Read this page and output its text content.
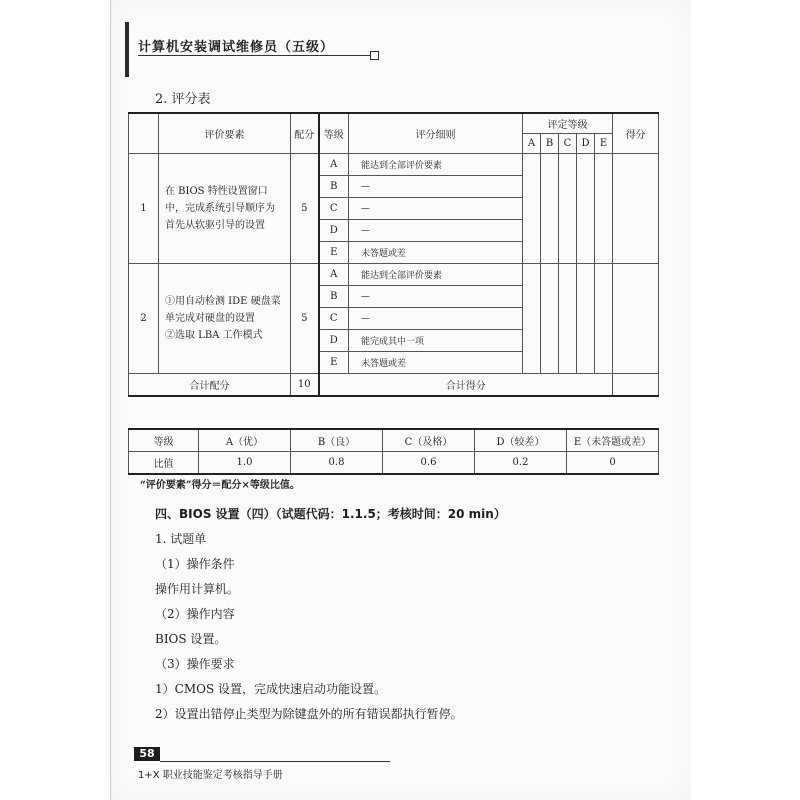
计算机安装调试维修员（五级）
2. 评分表
	评价要素	配分	等级	评分细则	评定等级					得分
					A	B	C	D	E	
1	在 BIOS 特性设置窗口中，完成系统引导顺序为首先从软驱引导的设置	5	A	能达到全部评价要素						
			B	—						
			C	—						
			D	—						
			E	未答题或差						
2	①用自动检测 IDE 硬盘菜单完成对硬盘的设置
②选取 LBA 工作模式	5	A	能达到全部评价要素						
			B	—						
			C	—						
			D	能完成其中一项						
			E	未答题或差						
合计配分		10	合计得分							
等级	A（优）	B（良）	C（及格）	D（较差）	E（未答题或差）
比值	1.0	0.8	0.6	0.2	0
“评价要素”得分＝配分×等级比值。
四、BIOS 设置（四）（试题代码：1.1.5；考核时间：20 min）
1. 试题单
（1）操作条件
操作用计算机。
（2）操作内容
BIOS 设置。
（3）操作要求
1）CMOS 设置，完成快速启动功能设置。
2）设置出错停止类型为除键盘外的所有错误都执行暂停。
58
1+X 职业技能鉴定考核指导手册
